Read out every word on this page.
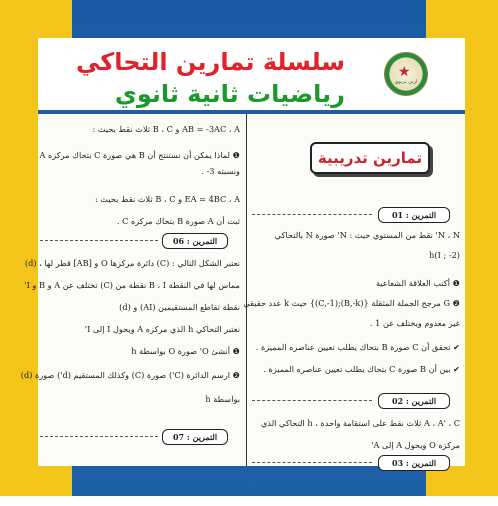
سلسلة تمارين التحاكي
رياضيات ثانية ثانوي
★
اربي تربوي
AB = -3AC ، A و B ، C ثلاث نقط بحيث :
❶ لماذا يمكن أن نستنتج أن B هي صورة C بتحاك مركزه A
ونسبته 3- .
EA = 4BC ، A و B ، C ثلاث نقط بحيث :
ثبت أن A صورة B بتحاك مركزه C .
التمرين : 06
نعتبر الشكل التالي : (C) دائرة مركزها O و [AB] قطر لها ، (d)
مماس لها في النقطة B ، I نقطة من (C) تختلف عن A و B و I'
نقطة تقاطع المستقيمين (AI) و (d)
نعتبر التحاكي h الذي مركزه A ويحول I إلى I'
❶ أنشئ O' صورة O بواسطة h
❷ ارسم الدائرة (C') صورة (C) وكذلك المستقيم (d') صورة (d)
بواسطة h
التمرين : 07
تمارين تدريبية
التمرين : 01
N ، N' نقط من المستوي حيث : N' صورة N بالتحاكي
h(I ; -2)
❶ أكتب العلاقة الشعاعية
❷ G مرجح الجملة المثقلة {(B,-k);(C,-1)} حيث k عدد حقيقي
غير معدوم ويختلف عن 1 .
✔ تحقق أن C صورة B بتحاك يطلب تعيين عناصره المميزة .
✔ بين أن B صورة C بتحاك يطلب تعيين عناصره المميزة .
التمرين : 02
A ، A' ، C ثلاث نقط على استقامة واحدة ، h التحاكي الذي
مركزه O ويحول A إلى A'
التمرين : 03
